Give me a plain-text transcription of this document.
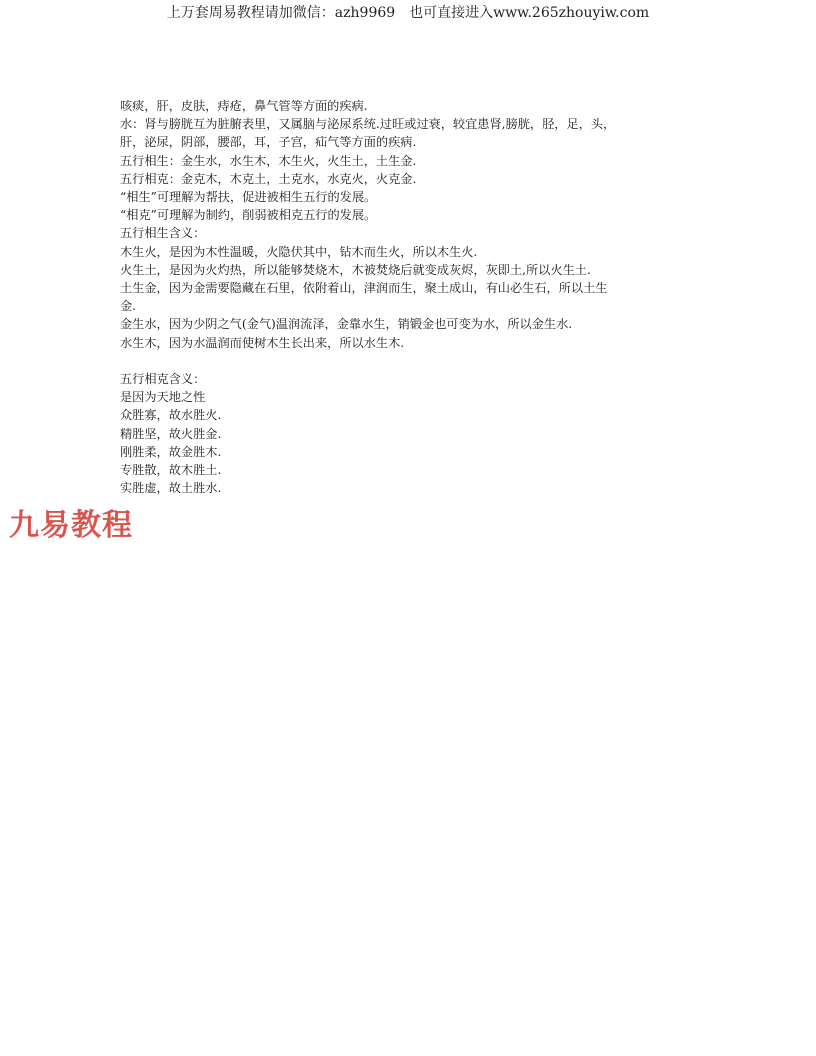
上万套周易教程请加微信：azh9969 也可直接进入www.265zhouyiw.com

咳痰，肝，皮肤，痔疮，鼻气管等方面的疾病.

水：肾与膀胱互为脏腑表里，又属脑与泌尿系统.过旺或过衰，较宜患肾,膀胱，胫，足，头，

肝，泌尿，阴部，腰部，耳，子宫，疝气等方面的疾病.

五行相生：金生水，水生木，木生火，火生土，土生金.

五行相克：金克木，木克土，土克水，水克火，火克金.

“相生”可理解为帮扶，促进被相生五行的发展。

“相克”可理解为制约，削弱被相克五行的发展。

五行相生含义：

木生火，是因为木性温暖，火隐伏其中，钻木而生火，所以木生火.

火生土，是因为火灼热，所以能够焚烧木，木被焚烧后就变成灰烬，灰即土,所以火生土.

土生金，因为金需要隐藏在石里，依附着山，津润而生，聚土成山，有山必生石，所以土生

金.

金生水，因为少阴之气(金气)温润流泽，金靠水生，销锻金也可变为水，所以金生水.

水生木，因为水温润而使树木生长出来，所以水生木.

五行相克含义：

是因为天地之性

众胜寡，故水胜火.

精胜坚，故火胜金.

刚胜柔，故金胜木.

专胜散，故木胜土.

实胜虚，故土胜水.

九易教程
